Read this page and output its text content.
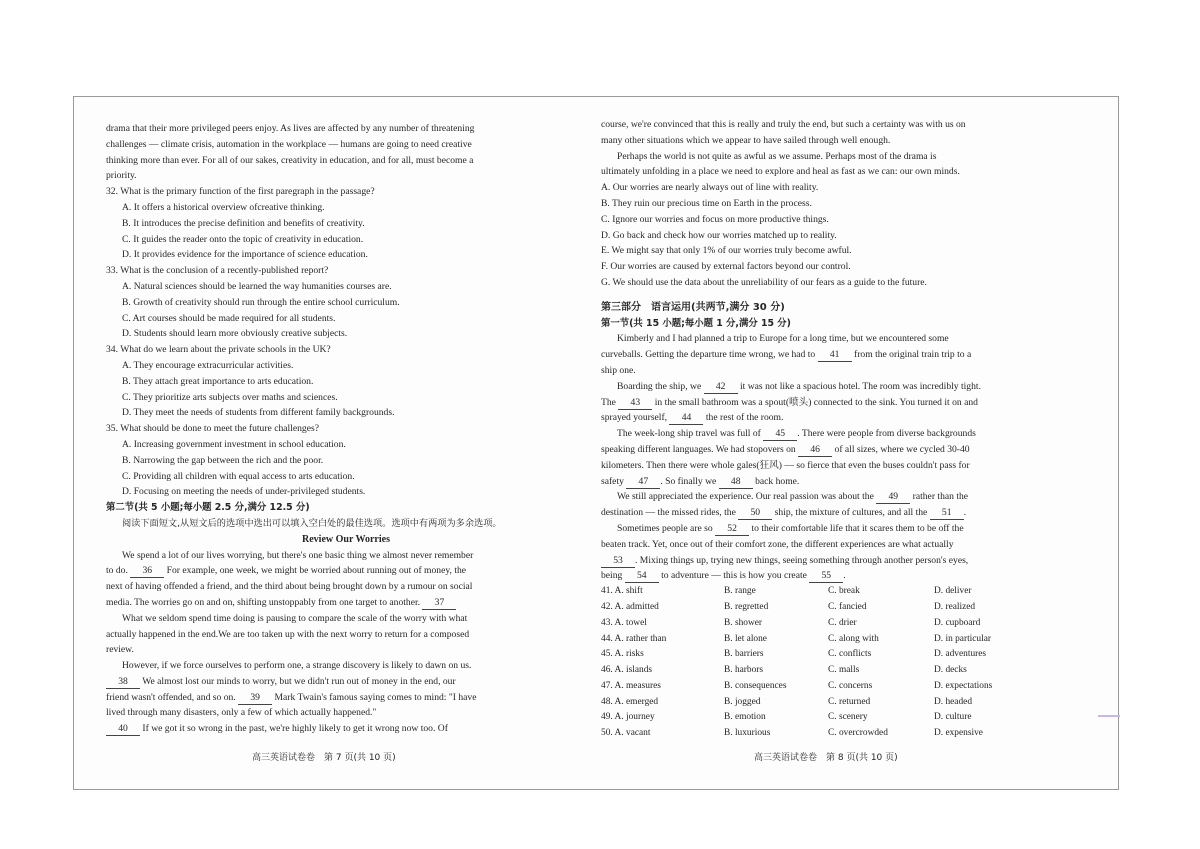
drama that their more privileged peers enjoy. As lives are affected by any number of threatening
challenges — climate crisis, automation in the workplace — humans are going to need creative
thinking more than ever. For all of our sakes, creativity in education, and for all, must become a
priority.
32. What is the primary function of the first paregraph in the passage?
A. It offers a historical overview ofcreative thinking.
B. It introduces the precise definition and benefits of creativity.
C. It guides the reader onto the topic of creativity in education.
D. It provides evidence for the importance of science education.
33. What is the conclusion of a recently-published report?
A. Natural sciences should be learned the way humanities courses are.
B. Growth of creativity should run through the entire school curriculum.
C. Art courses should be made required for all students.
D. Students should learn more obviously creative subjects.
34. What do we learn about the private schools in the UK?
A. They encourage extracurricular activities.
B. They attach great importance to arts education.
C. They prioritize arts subjects over maths and sciences.
D. They meet the needs of students from different family backgrounds.
35. What should be done to meet the future challenges?
A. Increasing government investment in school education.
B. Narrowing the gap between the rich and the poor.
C. Providing all children with equal access to arts education.
D. Focusing on meeting the needs of under-privileged students.
第二节(共 5 小题;每小题 2.5 分,满分 12.5 分)
阅读下面短文,从短文后的选项中选出可以填入空白处的最佳选项。选项中有两项为多余选项。
Review Our Worries
We spend a lot of our lives worrying, but there's one basic thing we almost never remember
to do. 36 For example, one week, we might be worried about running out of money, the
next of having offended a friend, and the third about being brought down by a rumour on social
media. The worries go on and on, shifting unstoppably from one target to another. 37
What we seldom spend time doing is pausing to compare the scale of the worry with what
actually happened in the end.We are too taken up with the next worry to return for a composed
review.
However, if we force ourselves to perform one, a strange discovery is likely to dawn on us.
38 We almost lost our minds to worry, but we didn't run out of money in the end, our
friend wasn't offended, and so on. 39 Mark Twain's famous saying comes to mind: "I have
lived through many disasters, only a few of which actually happened."
40 If we got it so wrong in the past, we're highly likely to get it wrong now too. Of
course, we're convinced that this is really and truly the end, but such a certainty was with us on
many other situations which we appear to have sailed through well enough.
Perhaps the world is not quite as awful as we assume. Perhaps most of the drama is
ultimately unfolding in a place we need to explore and heal as fast as we can: our own minds.
A. Our worries are nearly always out of line with reality.
B. They ruin our precious time on Earth in the process.
C. Ignore our worries and focus on more productive things.
D. Go back and check how our worries matched up to reality.
E. We might say that only 1% of our worries truly become awful.
F. Our worries are caused by external factors beyond our control.
G. We should use the data about the unreliability of our fears as a guide to the future.
第三部分　语言运用(共两节,满分 30 分)
第一节(共 15 小题;每小题 1 分,满分 15 分)
Kimberly and I had planned a trip to Europe for a long time, but we encountered some
curveballs. Getting the departure time wrong, we had to 41 from the original train trip to a
ship one.
Boarding the ship, we 42 it was not like a spacious hotel. The room was incredibly tight.
The 43 in the small bathroom was a spout(喷头) connected to the sink. You turned it on and
sprayed yourself, 44 the rest of the room.
The week-long ship travel was full of 45 . There were people from diverse backgrounds
speaking different languages. We had stopovers on 46 of all sizes, where we cycled 30-40
kilometers. Then there were whole gales(狂风) — so fierce that even the buses couldn't pass for
safety 47 . So finally we 48 back home.
We still appreciated the experience. Our real passion was about the 49 rather than the
destination — the missed rides, the 50 ship, the mixture of cultures, and all the 51 .
Sometimes people are so 52 to their comfortable life that it scares them to be off the
beaten track. Yet, once out of their comfort zone, the different experiences are what actually
53 . Mixing things up, trying new things, seeing something through another person's eyes,
being 54 to adventure — this is how you create 55 .
41. A. shift	B. range	C. break	D. deliver
42. A. admitted	B. regretted	C. fancied	D. realized
43. A. towel	B. shower	C. drier	D. cupboard
44. A. rather than	B. let alone	C. along with	D. in particular
45. A. risks	B. barriers	C. conflicts	D. adventures
46. A. islands	B. harbors	C. malls	D. decks
47. A. measures	B. consequences	C. concerns	D. expectations
48. A. emerged	B. jogged	C. returned	D. headed
49. A. journey	B. emotion	C. scenery	D. culture
50. A. vacant	B. luxurious	C. overcrowded	D. expensive
高三英语试卷卷　第 7 页(共 10 页)	高三英语试卷卷　第 8 页(共 10 页)
